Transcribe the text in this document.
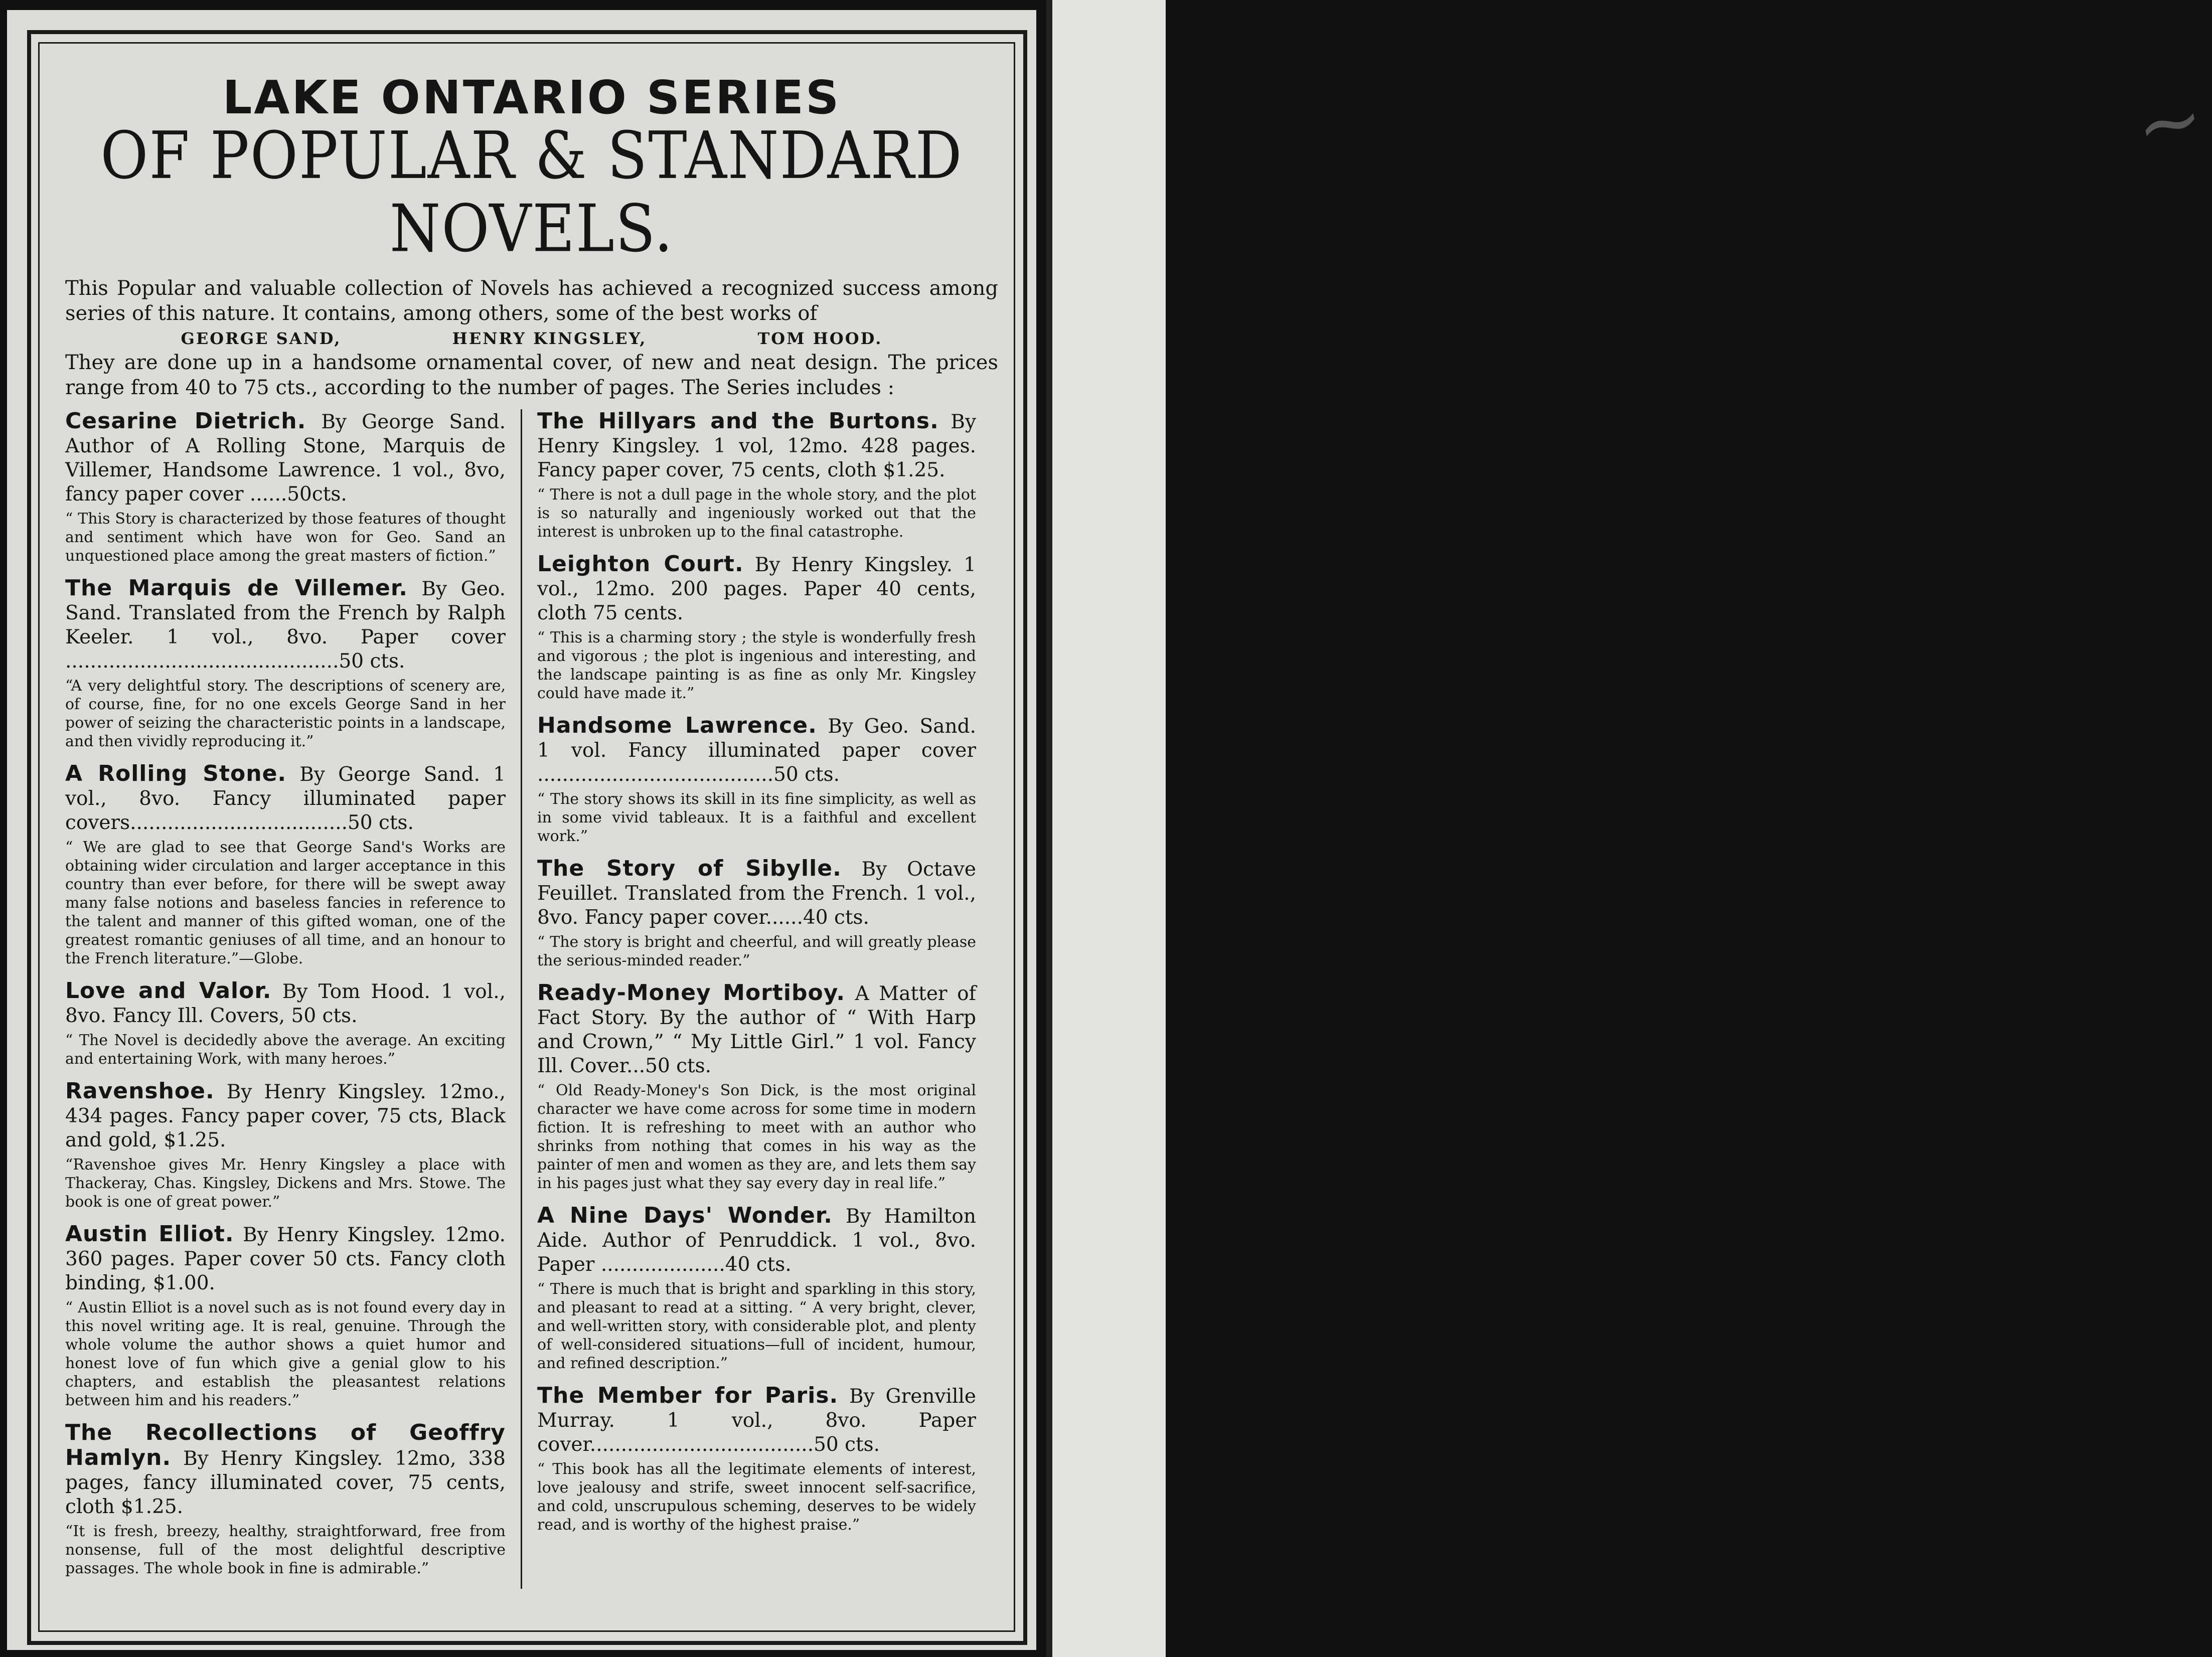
~
LAKE ONTARIO SERIES
OF POPULAR & STANDARD NOVELS.
This Popular and valuable collection of Novels has achieved a recognized success among series of this nature. It contains, among others, some of the best works of
GEORGE SAND,	HENRY KINGSLEY,	TOM HOOD.
They are done up in a handsome ornamental cover, of new and neat design. The prices range from 40 to 75 cts., according to the number of pages. The Series includes :
Cesarine Dietrich. By George Sand. Author of A Rolling Stone, Marquis de Villemer, Handsome Lawrence. 1 vol., 8vo, fancy paper cover ......50cts.
“ This Story is characterized by those features of thought and sentiment which have won for Geo. Sand an unquestioned place among the great masters of fiction.”
The Marquis de Villemer. By Geo. Sand. Translated from the French by Ralph Keeler. 1 vol., 8vo. Paper cover ............................................50 cts.
“A very delightful story. The descriptions of scenery are, of course, fine, for no one excels George Sand in her power of seizing the characteristic points in a landscape, and then vividly reproducing it.”
A Rolling Stone. By George Sand. 1 vol., 8vo. Fancy illuminated paper covers...................................50 cts.
“ We are glad to see that George Sand's Works are obtaining wider circulation and larger acceptance in this country than ever before, for there will be swept away many false notions and baseless fancies in reference to the talent and manner of this gifted woman, one of the greatest romantic geniuses of all time, and an honour to the French literature.”—Globe.
Love and Valor. By Tom Hood. 1 vol., 8vo. Fancy Ill. Covers, 50 cts.
“ The Novel is decidedly above the average. An exciting and entertaining Work, with many heroes.”
Ravenshoe. By Henry Kingsley. 12mo., 434 pages. Fancy paper cover, 75 cts, Black and gold, $1.25.
“Ravenshoe gives Mr. Henry Kingsley a place with Thackeray, Chas. Kingsley, Dickens and Mrs. Stowe. The book is one of great power.”
Austin Elliot. By Henry Kingsley. 12mo. 360 pages. Paper cover 50 cts. Fancy cloth binding, $1.00.
“ Austin Elliot is a novel such as is not found every day in this novel writing age. It is real, genuine. Through the whole volume the author shows a quiet humor and honest love of fun which give a genial glow to his chapters, and establish the pleasantest relations between him and his readers.”
The Recollections of Geoffry Hamlyn. By Henry Kingsley. 12mo, 338 pages, fancy illuminated cover, 75 cents, cloth $1.25.
“It is fresh, breezy, healthy, straightforward, free from nonsense, full of the most delightful descriptive passages. The whole book in fine is admirable.”
The Hillyars and the Burtons. By Henry Kingsley. 1 vol, 12mo. 428 pages. Fancy paper cover, 75 cents, cloth $1.25.
“ There is not a dull page in the whole story, and the plot is so naturally and ingeniously worked out that the interest is unbroken up to the final catastrophe.
Leighton Court. By Henry Kingsley. 1 vol., 12mo. 200 pages. Paper 40 cents, cloth 75 cents.
“ This is a charming story ; the style is wonderfully fresh and vigorous ; the plot is ingenious and interesting, and the landscape painting is as fine as only Mr. Kingsley could have made it.”
Handsome Lawrence. By Geo. Sand. 1 vol. Fancy illuminated paper cover ......................................50 cts.
“ The story shows its skill in its fine simplicity, as well as in some vivid tableaux. It is a faithful and excellent work.”
The Story of Sibylle. By Octave Feuillet. Translated from the French. 1 vol., 8vo. Fancy paper cover......40 cts.
“ The story is bright and cheerful, and will greatly please the serious-minded reader.”
Ready-Money Mortiboy. A Matter of Fact Story. By the author of “ With Harp and Crown,” “ My Little Girl.” 1 vol. Fancy Ill. Cover...50 cts.
“ Old Ready-Money's Son Dick, is the most original character we have come across for some time in modern fiction. It is refreshing to meet with an author who shrinks from nothing that comes in his way as the painter of men and women as they are, and lets them say in his pages just what they say every day in real life.”
A Nine Days' Wonder. By Hamilton Aide. Author of Penruddick. 1 vol., 8vo. Paper ....................40 cts.
“ There is much that is bright and sparkling in this story, and pleasant to read at a sitting. “ A very bright, clever, and well-written story, with considerable plot, and plenty of well-considered situations—full of incident, humour, and refined description.”
The Member for Paris. By Grenville Murray. 1 vol., 8vo. Paper cover....................................50 cts.
“ This book has all the legitimate elements of interest, love jealousy and strife, sweet innocent self-sacrifice, and cold, unscrupulous scheming, deserves to be widely read, and is worthy of the highest praise.”
